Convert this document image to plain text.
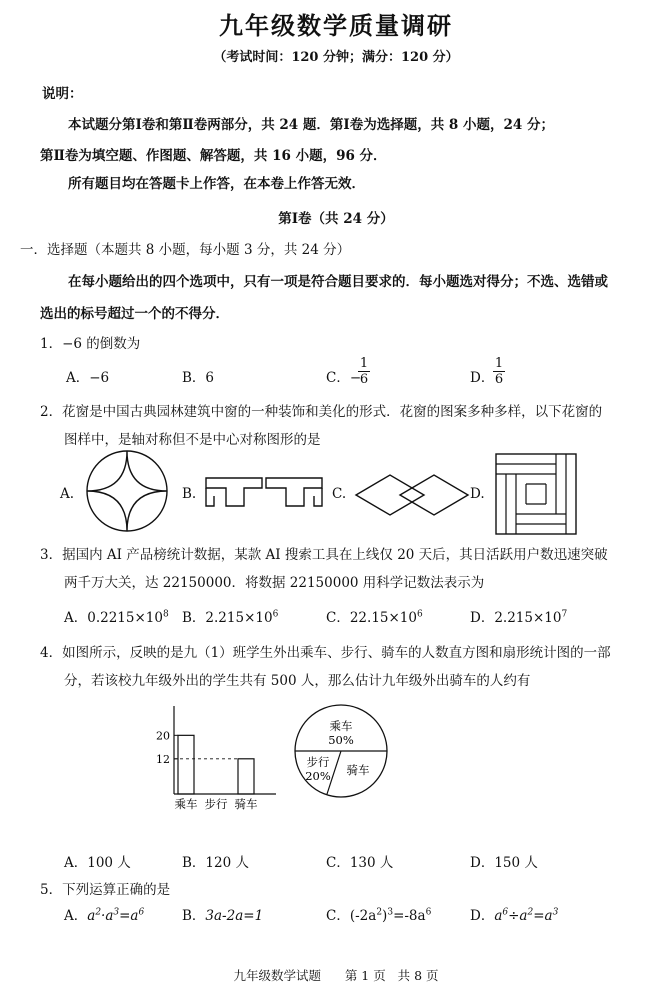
九年级数学质量调研
（考试时间：120 分钟；满分：120 分）
说明：
本试题分第Ⅰ卷和第Ⅱ卷两部分，共 24 题．第Ⅰ卷为选择题，共 8 小题，24 分；
第Ⅱ卷为填空题、作图题、解答题，共 16 小题，96 分．
所有题目均在答题卡上作答，在本卷上作答无效．
第Ⅰ卷（共 24 分）
一．选择题（本题共 8 小题，每小题 3 分，共 24 分）
在每小题给出的四个选项中，只有一项是符合题目要求的．每小题选对得分；不选、选错或
选出的标号超过一个的不得分．
1．−6 的倒数为
A．−6	B．6	C．−
$\frac{1}{6}$	D．
$\frac{1}{6}$
2．花窗是中国古典园林建筑中窗的一种装饰和美化的形式．花窗的图案多种多样，以下花窗的
图样中，是轴对称但不是中心对称图形的是
A.	B.	C.	D.
3．据国内 AI 产品榜统计数据，某款 AI 搜索工具在上线仅 20 天后，其日活跃用户数迅速突破
两千万大关，达 22150000．将数据 22150000 用科学记数法表示为
A．$0.2215\times 10^8$ B．$2.215\times 10^6$	C．$22.15\times 10^6$	D．$2.215\times 10^7$
4．如图所示，反映的是九（1）班学生外出乘车、步行、骑车的人数直方图和扇形统计图的一部
分，若该校九年级外出的学生共有 500 人，那么估计九年级外出骑车的人约有
乘车 步行 骑车
12
20
乘车
50%
步行
20% 骑车
A．100 人	B．120 人	C．130 人	D．150 人
5．下列运算正确的是
A．$a^2\cdot a^3=a^6$	B．3a-2a=1	C．$(-2a^2)^3=-8a^6$	D．$a^6\div a^2=a^3$
九年级数学试题 第 1 页 共 8 页
